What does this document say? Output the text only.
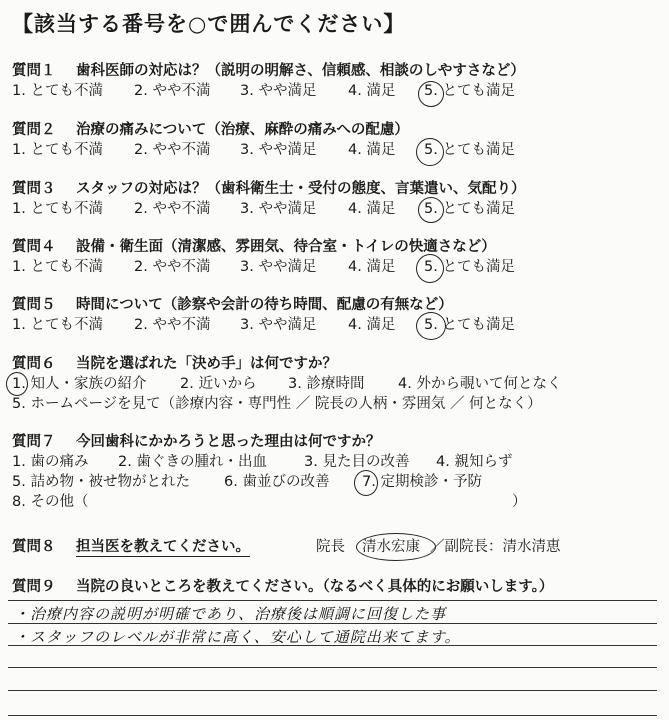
【該当する番号を○で囲んでください】
質問１ 歯科医師の対応は？（説明の明解さ、信頼感、相談のしやすさなど）
1. とても不満 2. やや不満 3. やや満足 4. 満足 5. とても満足
質問２ 治療の痛みについて（治療、麻酔の痛みへの配慮）
1. とても不満 2. やや不満 3. やや満足 4. 満足 5. とても満足
質問３ スタッフの対応は？（歯科衛生士・受付の態度、言葉遣い、気配り）
1. とても不満 2. やや不満 3. やや満足 4. 満足 5. とても満足
質問４ 設備・衛生面（清潔感、雰囲気、待合室・トイレの快適さなど）
1. とても不満 2. やや不満 3. やや満足 4. 満足 5. とても満足
質問５ 時間について（診察や会計の待ち時間、配慮の有無など）
1. とても不満 2. やや不満 3. やや満足 4. 満足 5. とても満足
質問６ 当院を選ばれた「決め手」は何ですか？
1. 知人・家族の紹介 2. 近いから 3. 診療時間 4. 外から覗いて何となく
5. ホームページを見て（診療内容・専門性 ／ 院長の人柄・雰囲気 ／ 何となく）
質問７ 今回歯科にかかろうと思った理由は何ですか？
1. 歯の痛み 2. 歯ぐきの腫れ・出血	3. 見た目の改善 4. 親知らず
5. 詰め物・被せ物がとれた 6. 歯並びの改善 7. 定期検診・予防
8. その他（	）
質問８ 担当医を教えてください。	院長 清水宏康 ／副院長：清水清恵
質問９ 当院の良いところを教えてください。（なるべく具体的にお願いします。）
・治療内容の説明が明確であり、治療後は順調に回復した事
・スタッフのレベルが非常に高く、安心して通院出来てます。
